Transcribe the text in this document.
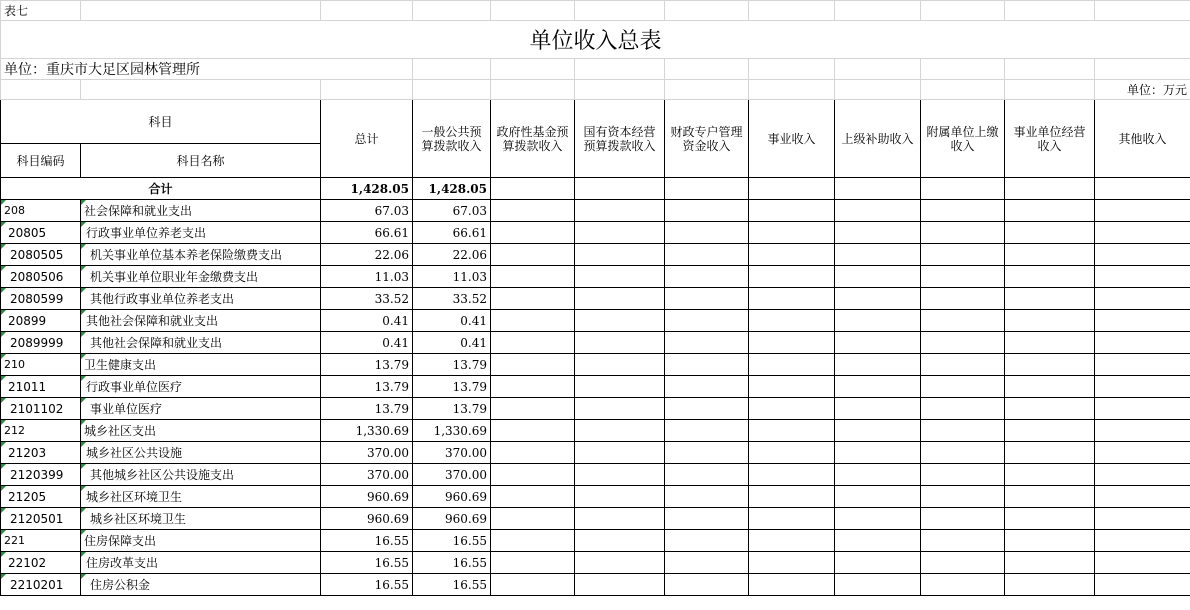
表七											
单位收入总表											
单位：重庆市大足区园林管理所											
											单位：万元
科目		总计	一般公共预算拨款收入	政府性基金预算拨款收入	国有资本经营预算拨款收入	财政专户管理资金收入	事业收入	上级补助收入	附属单位上缴收入	事业单位经营收入	其他收入
科目编码	科目名称										
合计		1,428.05	1,428.05								
208	社会保障和就业支出	67.03	67.03								
20805	行政事业单位养老支出	66.61	66.61								
2080505	机关事业单位基本养老保险缴费支出	22.06	22.06								
2080506	机关事业单位职业年金缴费支出	11.03	11.03								
2080599	其他行政事业单位养老支出	33.52	33.52								
20899	其他社会保障和就业支出	0.41	0.41								
2089999	其他社会保障和就业支出	0.41	0.41								
210	卫生健康支出	13.79	13.79								
21011	行政事业单位医疗	13.79	13.79								
2101102	事业单位医疗	13.79	13.79								
212	城乡社区支出	1,330.69	1,330.69								
21203	城乡社区公共设施	370.00	370.00								
2120399	其他城乡社区公共设施支出	370.00	370.00								
21205	城乡社区环境卫生	960.69	960.69								
2120501	城乡社区环境卫生	960.69	960.69								
221	住房保障支出	16.55	16.55								
22102	住房改革支出	16.55	16.55								
2210201	住房公积金	16.55	16.55								
